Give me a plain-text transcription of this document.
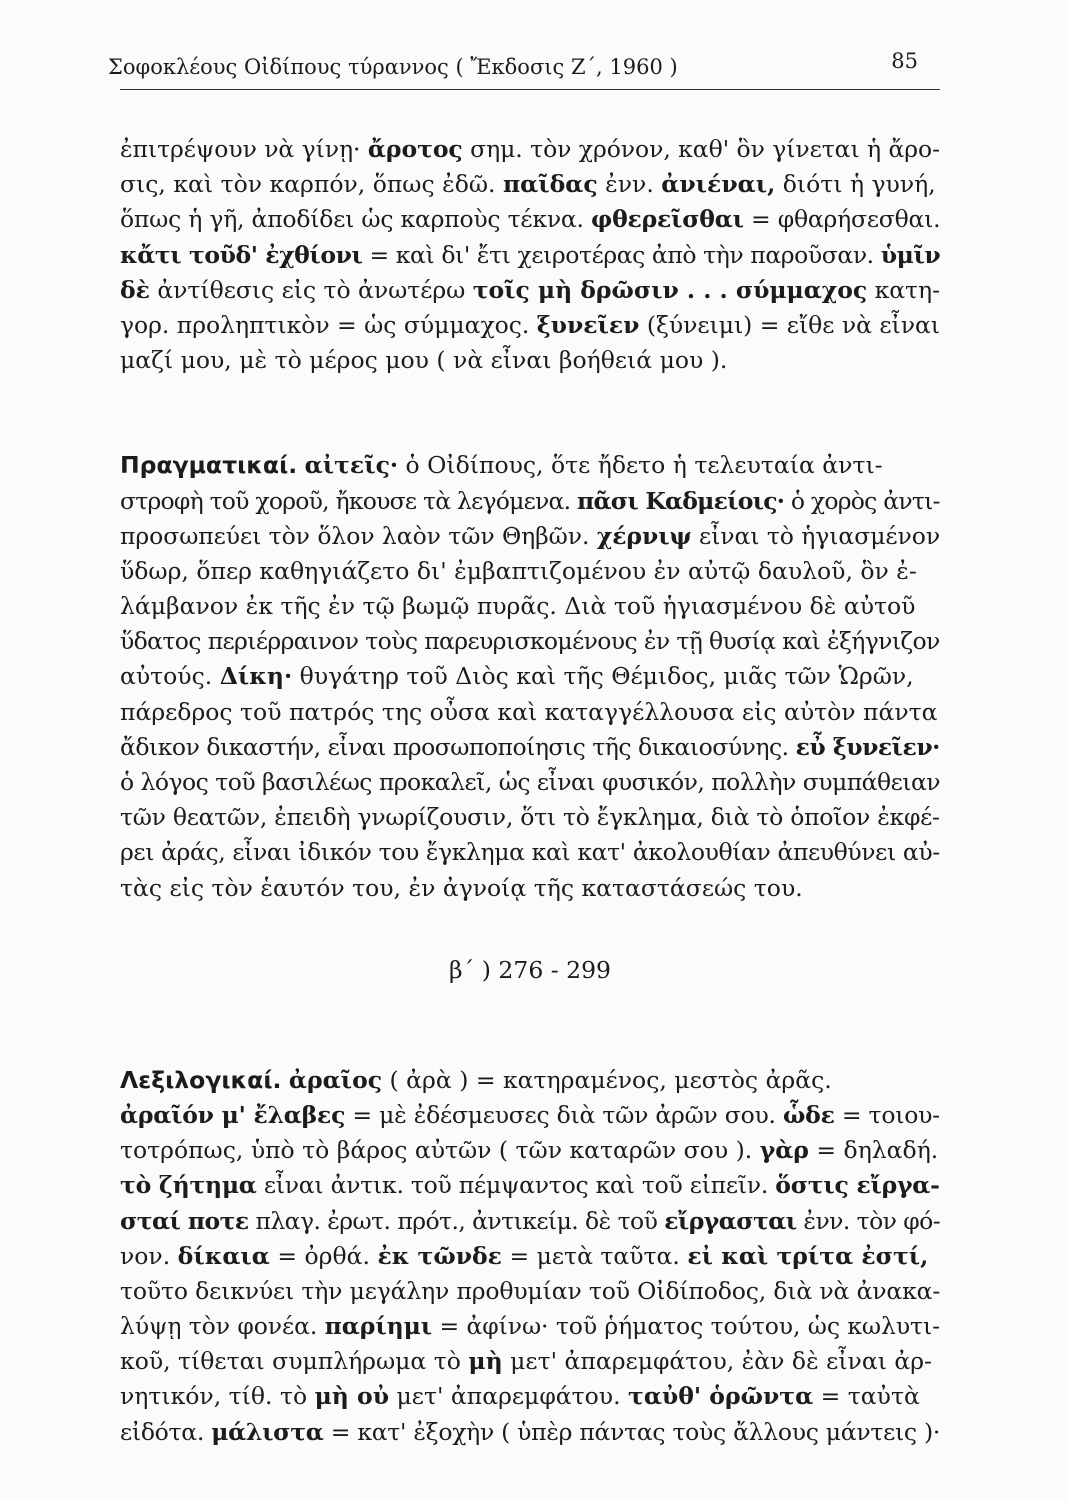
Σοφοκλέους Οἰδίπους τύραννος ( Ἔκδοσις Ζ΄, 1960 )	85
ἐπιτρέψουν νὰ γίνῃ· ἄροτος σημ. τὸν χρόνον, καθ' ὃν γίνεται ἡ ἄρο-
σις, καὶ τὸν καρπόν, ὅπως ἐδῶ. παῖδας ἐνν. ἀνιέναι, διότι ἡ γυνή,
ὅπως ἡ γῆ, ἀποδίδει ὡς καρποὺς τέκνα. φθερεῖσθαι = φθαρήσεσθαι.
κἄτι τοῦδ' ἐχθίονι = καὶ δι' ἔτι χειροτέρας ἀπὸ τὴν παροῦσαν. ὑμῖν
δὲ ἀντίθεσις εἰς τὸ ἀνωτέρω τοῖς μὴ δρῶσιν . . . σύμμαχος κατη-
γορ. προληπτικὸν = ὡς σύμμαχος. ξυνεῖεν (ξύνειμι) = εἴθε νὰ εἶναι
μαζί μου, μὲ τὸ μέρος μου ( νὰ εἶναι βοήθειά μου ).
Πραγματικαί. αἰτεῖς· ὁ Οἰδίπους, ὅτε ἤδετο ἡ τελευταία ἀντι-
στροφὴ τοῦ χοροῦ, ἤκουσε τὰ λεγόμενα. πᾶσι Καδμείοις· ὁ χορὸς ἀντι-
προσωπεύει τὸν ὅλον λαὸν τῶν Θηβῶν. χέρνιψ εἶναι τὸ ἡγιασμένον
ὕδωρ, ὅπερ καθηγιάζετο δι' ἐμβαπτιζομένου ἐν αὐτῷ δαυλοῦ, ὃν ἐ-
λάμβανον ἐκ τῆς ἐν τῷ βωμῷ πυρᾶς. Διὰ τοῦ ἡγιασμένου δὲ αὐτοῦ
ὕδατος περιέρραινον τοὺς παρευρισκομένους ἐν τῇ θυσίᾳ καὶ ἐξήγνιζον
αὐτούς. Δίκη· θυγάτηρ τοῦ Διὸς καὶ τῆς Θέμιδος, μιᾶς τῶν Ὡρῶν,
πάρεδρος τοῦ πατρός της οὖσα καὶ καταγγέλλουσα εἰς αὐτὸν πάντα
ἄδικον δικαστήν, εἶναι προσωποποίησις τῆς δικαιοσύνης. εὖ ξυνεῖεν·
ὁ λόγος τοῦ βασιλέως προκαλεῖ, ὡς εἶναι φυσικόν, πολλὴν συμπάθειαν
τῶν θεατῶν, ἐπειδὴ γνωρίζουσιν, ὅτι τὸ ἔγκλημα, διὰ τὸ ὁποῖον ἐκφέ-
ρει ἀράς, εἶναι ἰδικόν του ἔγκλημα καὶ κατ' ἀκολουθίαν ἀπευθύνει αὐ-
τὰς εἰς τὸν ἑαυτόν του, ἐν ἀγνοίᾳ τῆς καταστάσεώς του.
β΄ ) 276 - 299
Λεξιλογικαί. ἀραῖος ( ἀρὰ ) = κατηραμένος, μεστὸς ἀρᾶς.
ἀραῖόν μ' ἔλαβες = μὲ ἐδέσμευσες διὰ τῶν ἀρῶν σου. ὧδε = τοιου-
τοτρόπως, ὑπὸ τὸ βάρος αὐτῶν ( τῶν καταρῶν σου ). γὰρ = δηλαδή.
τὸ ζήτημα εἶναι ἀντικ. τοῦ πέμψαντος καὶ τοῦ εἰπεῖν. ὅστις εἴργα-
σταί ποτε πλαγ. ἐρωτ. πρότ., ἀντικείμ. δὲ τοῦ εἴργασται ἐνν. τὸν φό-
νον. δίκαια = ὀρθά. ἐκ τῶνδε = μετὰ ταῦτα. εἰ καὶ τρίτα ἐστί,
τοῦτο δεικνύει τὴν μεγάλην προθυμίαν τοῦ Οἰδίποδος, διὰ νὰ ἀνακα-
λύψῃ τὸν φονέα. παρίημι = ἀφίνω· τοῦ ῥήματος τούτου, ὡς κωλυτι-
κοῦ, τίθεται συμπλήρωμα τὸ μὴ μετ' ἀπαρεμφάτου, ἐὰν δὲ εἶναι ἀρ-
νητικόν, τίθ. τὸ μὴ οὐ μετ' ἀπαρεμφάτου. ταὐθ' ὁρῶντα = ταὐτὰ
εἰδότα. μάλιστα = κατ' ἐξοχὴν ( ὑπὲρ πάντας τοὺς ἄλλους μάντεις )·
